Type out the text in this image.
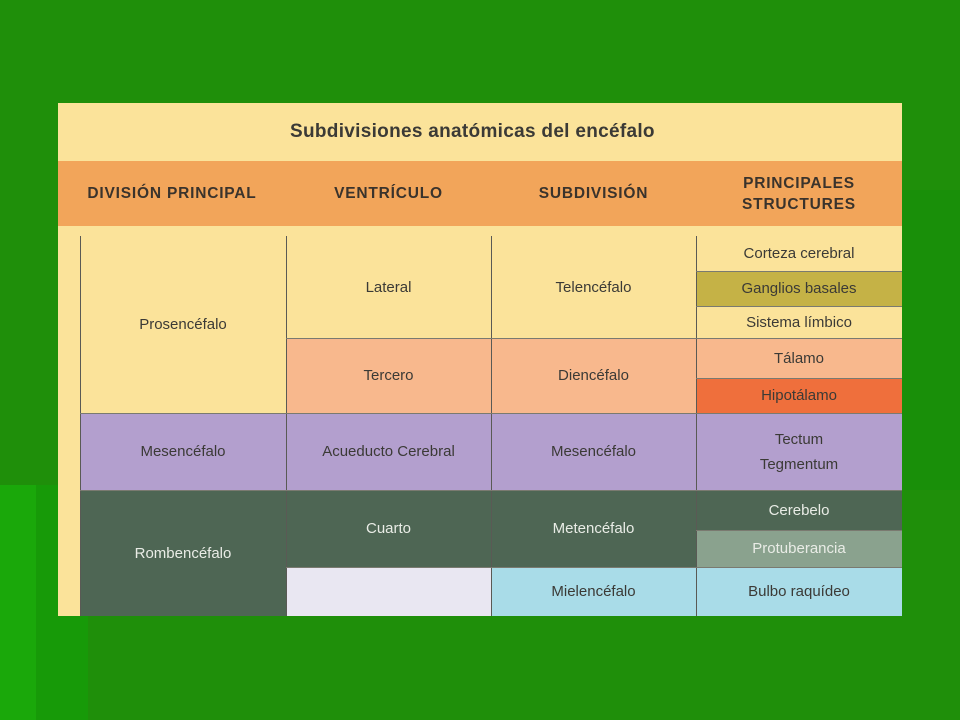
Subdivisiones anatómicas del encéfalo
DIVISIÓN PRINCIPAL	VENTRÍCULO	SUBDIVISIÓN
PRINCIPALES
STRUCTURES
Prosencéfalo
Mesencéfalo
Rombencéfalo
Lateral
Tercero
Acueducto Cerebral
Cuarto
Telencéfalo
Diencéfalo
Mesencéfalo
Metencéfalo
Mielencéfalo
Corteza cerebral
Ganglios basales
Sistema límbico
Tálamo
Hipotálamo
Tectum
Tegmentum
Cerebelo
Protuberancia
Bulbo raquídeo
